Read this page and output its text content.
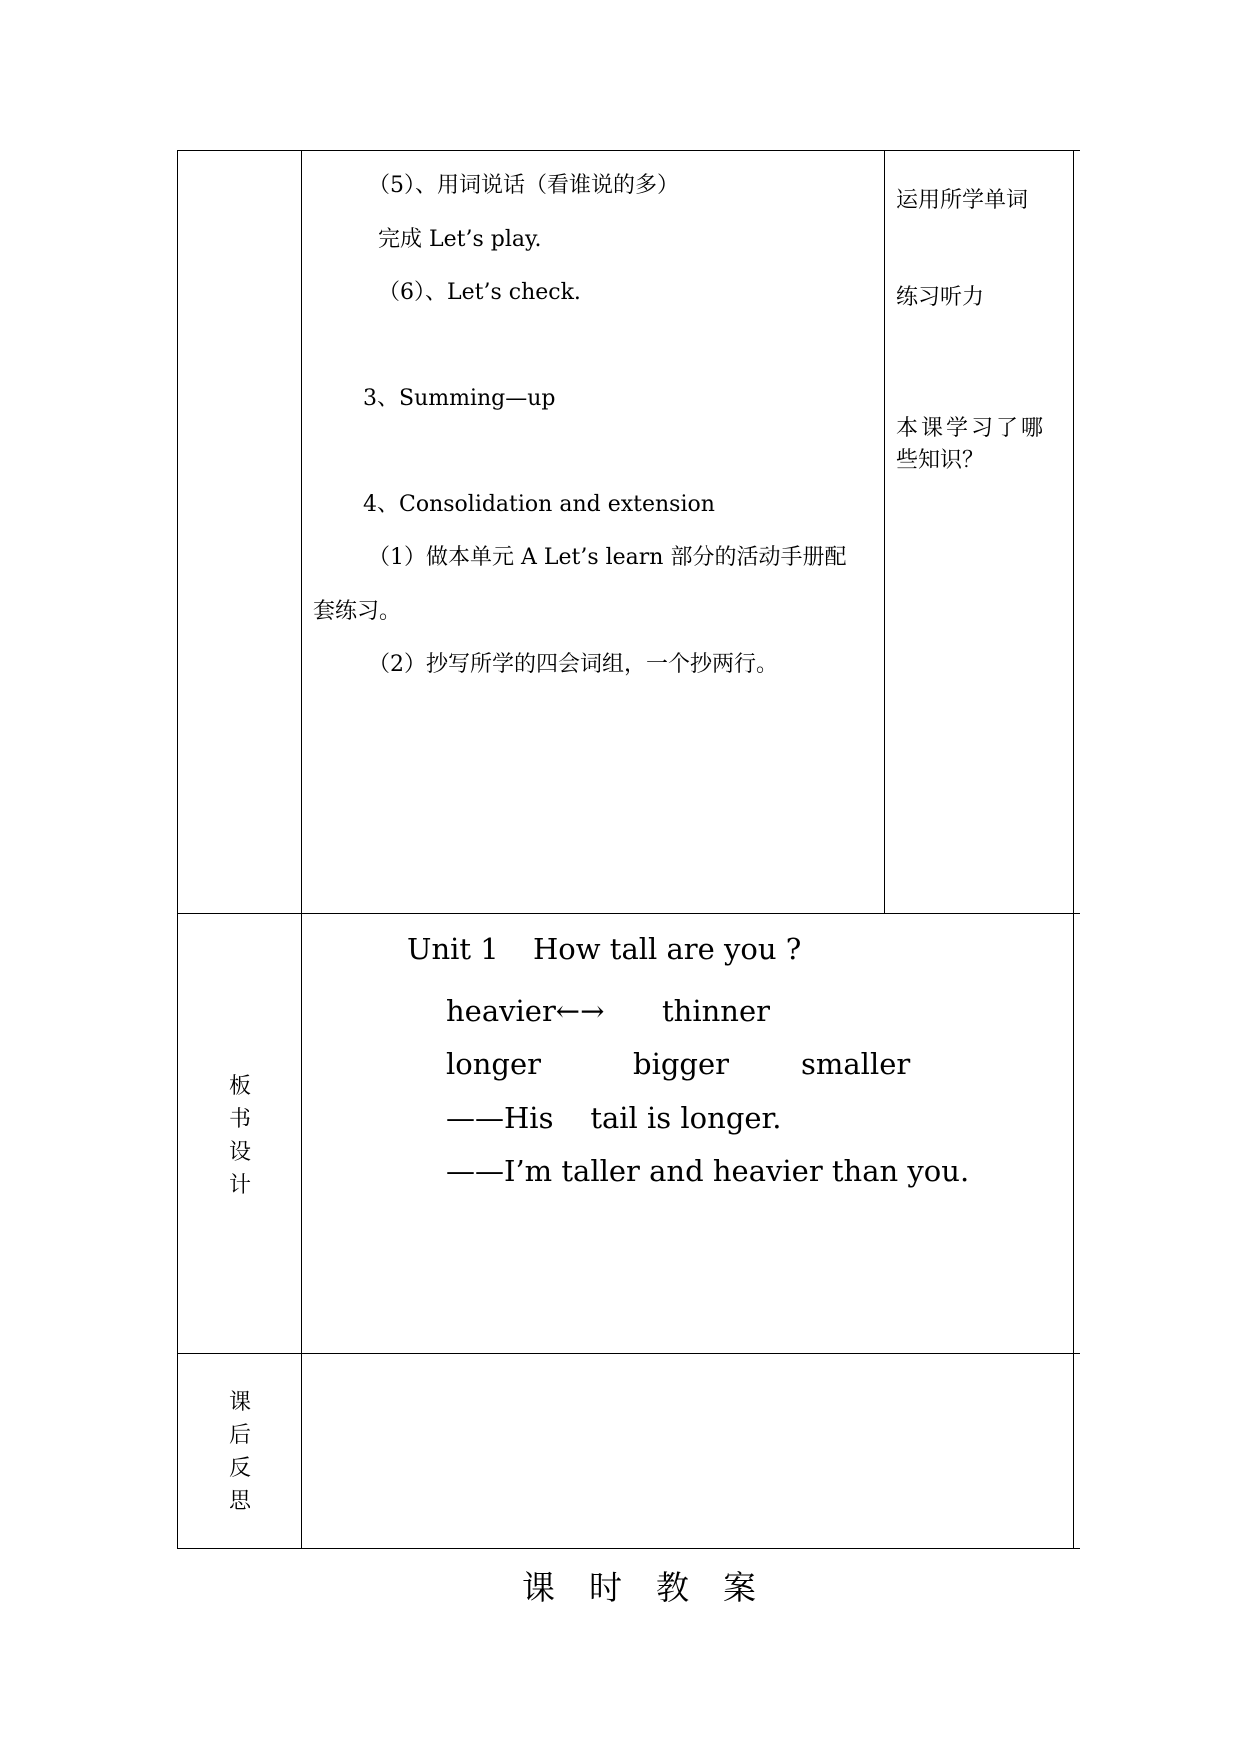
（5）、用词说话（看谁说的多）
完成 Let’s play.
（6）、Let’s check.
3、Summing—up
4、Consolidation and extension
（1）做本单元 A Let’s learn 部分的活动手册配
套练习。
（2）抄写所学的四会词组，一个抄两行。
运用所学单词
练习听力
本课学习了哪
些知识？
板书设计
Unit 1 How tall are you ?
heavier←→ thinner
longer	bigger smaller
——His    tail is longer.
——I’m taller and heavier than you.
课后反思
课时教案
